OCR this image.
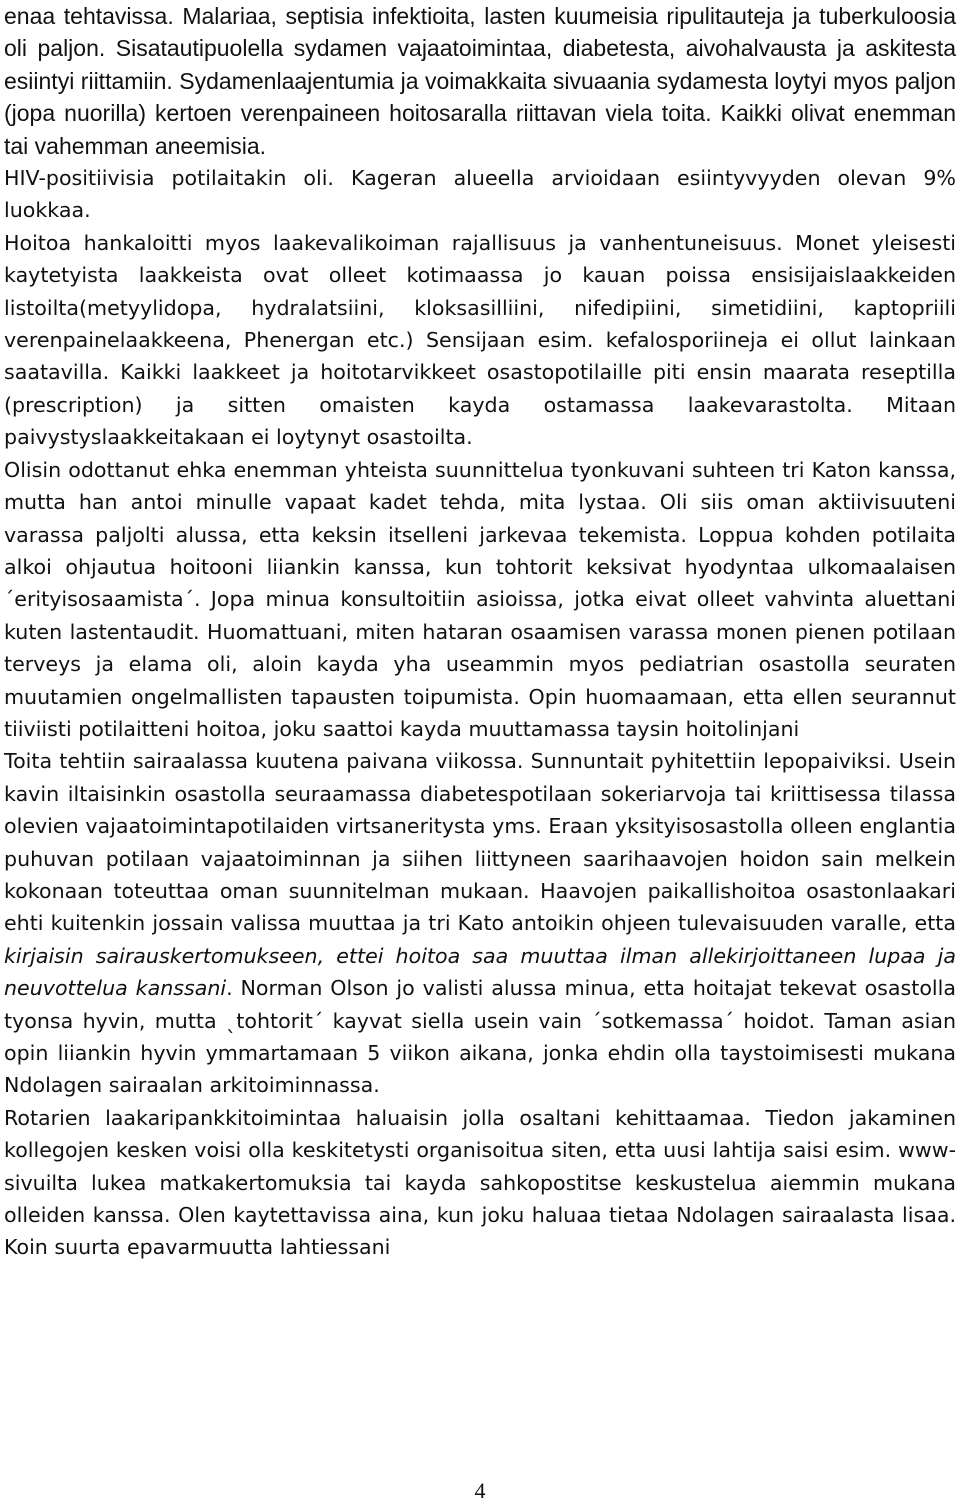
enaa tehtavissa. Malariaa, septisia infektioita, lasten kuumeisia ripulitauteja ja tuberkuloosia oli paljon. Sisatautipuolella sydamen vajaatoimintaa, diabetesta, aivohalvausta ja askitesta esiintyi riittamiin. Sydamenlaajentumia ja voimakkaita sivuaania sydamesta loytyi myos paljon (jopa nuorilla) kertoen verenpaineen hoitosaralla riittavan viela toita. Kaikki olivat enemman tai vahemman aneemisia.

HIV-positiivisia potilaitakin oli. Kageran alueella arvioidaan esiintyvyyden olevan 9% luokkaa.

Hoitoa hankaloitti myos laakevalikoiman rajallisuus ja vanhentuneisuus. Monet yleisesti kaytetyista laakkeista ovat olleet kotimaassa jo kauan poissa ensisijaislaakkeiden listoilta(metyylidopa, hydralatsiini, kloksasilliini, nifedipiini, simetidiini, kaptopriili verenpainelaakkeena, Phenergan etc.) Sensijaan esim. kefalosporiineja ei ollut lainkaan saatavilla. Kaikki laakkeet ja hoitotarvikkeet osastopotilaille piti ensin maarata reseptilla (prescription) ja sitten omaisten kayda ostamassa laakevarastolta. Mitaan paivystyslaakkeitakaan ei loytynyt osastoilta.

Olisin odottanut ehka enemman yhteista suunnittelua tyonkuvani suhteen tri Katon kanssa, mutta han antoi minulle vapaat kadet tehda, mita lystaa. Oli siis oman aktiivisuuteni varassa paljolti alussa, etta keksin itselleni jarkevaa tekemista. Loppua kohden potilaita alkoi ohjautua hoitooni liiankin kanssa, kun tohtorit keksivat hyodyntaa ulkomaalaisen ´erityisosaamista´. Jopa minua konsultoitiin asioissa, jotka eivat olleet vahvinta aluettani kuten lastentaudit. Huomattuani, miten hataran osaamisen varassa monen pienen potilaan terveys ja elama oli, aloin kayda yha useammin myos pediatrian osastolla seuraten muutamien ongelmallisten tapausten toipumista. Opin huomaamaan, etta ellen seurannut tiiviisti potilaitteni hoitoa, joku saattoi kayda muuttamassa taysin hoitolinjani

Toita tehtiin sairaalassa kuutena paivana viikossa. Sunnuntait pyhitettiin lepopaiviksi. Usein kavin iltaisinkin osastolla seuraamassa diabetespotilaan sokeriarvoja tai kriittisessa tilassa olevien vajaatoimintapotilaiden virtsaneritysta yms. Eraan yksityisosastolla olleen englantia puhuvan potilaan vajaatoiminnan ja siihen liittyneen saarihaavojen hoidon sain melkein kokonaan toteuttaa oman suunnitelman mukaan. Haavojen paikallishoitoa osastonlaakari ehti kuitenkin jossain valissa muuttaa ja tri Kato antoikin ohjeen tulevaisuuden varalle, etta kirjaisin sairauskertomukseen, ettei hoitoa saa muuttaa ilman allekirjoittaneen lupaa ja neuvottelua kanssani. Norman Olson jo valisti alussa minua, etta hoitajat tekevat osastolla tyonsa hyvin, mutta ˎtohtorit´ kayvat siella usein vain ´sotkemassa´ hoidot. Taman asian opin liiankin hyvin ymmartamaan 5 viikon aikana, jonka ehdin olla taystoimisesti mukana Ndolagen sairaalan arkitoiminnassa.

Rotarien laakaripankkitoimintaa haluaisin jolla osaltani kehittaamaa. Tiedon jakaminen kollegojen kesken voisi olla keskitetysti organisoitua siten, etta uusi lahtija saisi esim. www-sivuilta lukea matkakertomuksia tai kayda sahkopostitse keskustelua aiemmin mukana olleiden kanssa. Olen kaytettavissa aina, kun joku haluaa tietaa Ndolagen sairaalasta lisaa. Koin suurta epavarmuutta lahtiessani

4
